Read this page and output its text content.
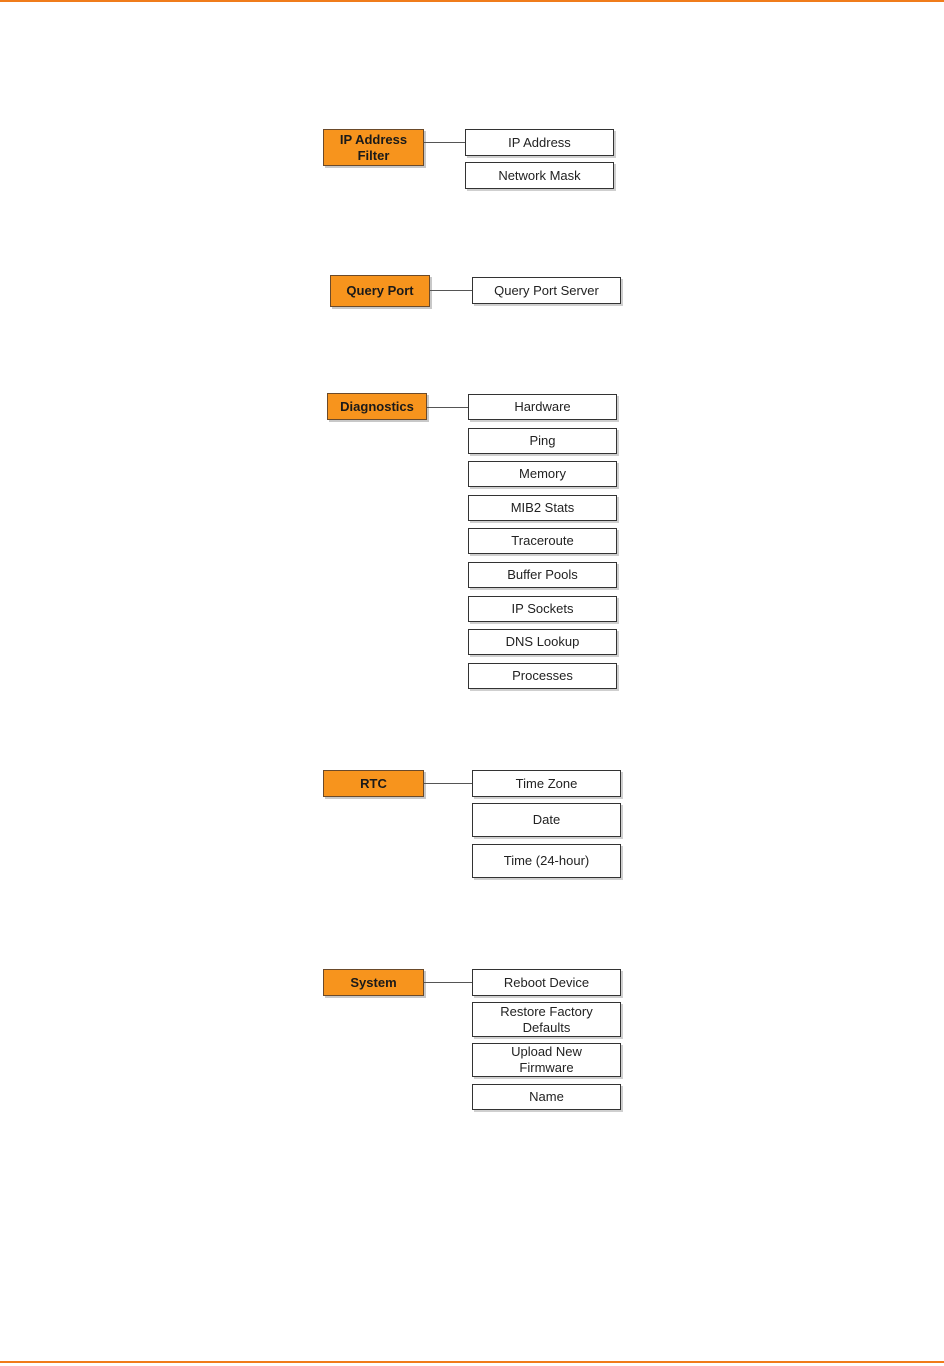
IP Address
Filter
IP Address
Network Mask
Query Port	Query Port Server
Diagnostics	Hardware
Ping
Memory
MIB2 Stats
Traceroute
Buffer Pools
IP Sockets
DNS Lookup
Processes
RTC	Time Zone
Date
Time (24-hour)
System	Reboot Device
Restore Factory
Defaults
Upload New
Firmware
Name
